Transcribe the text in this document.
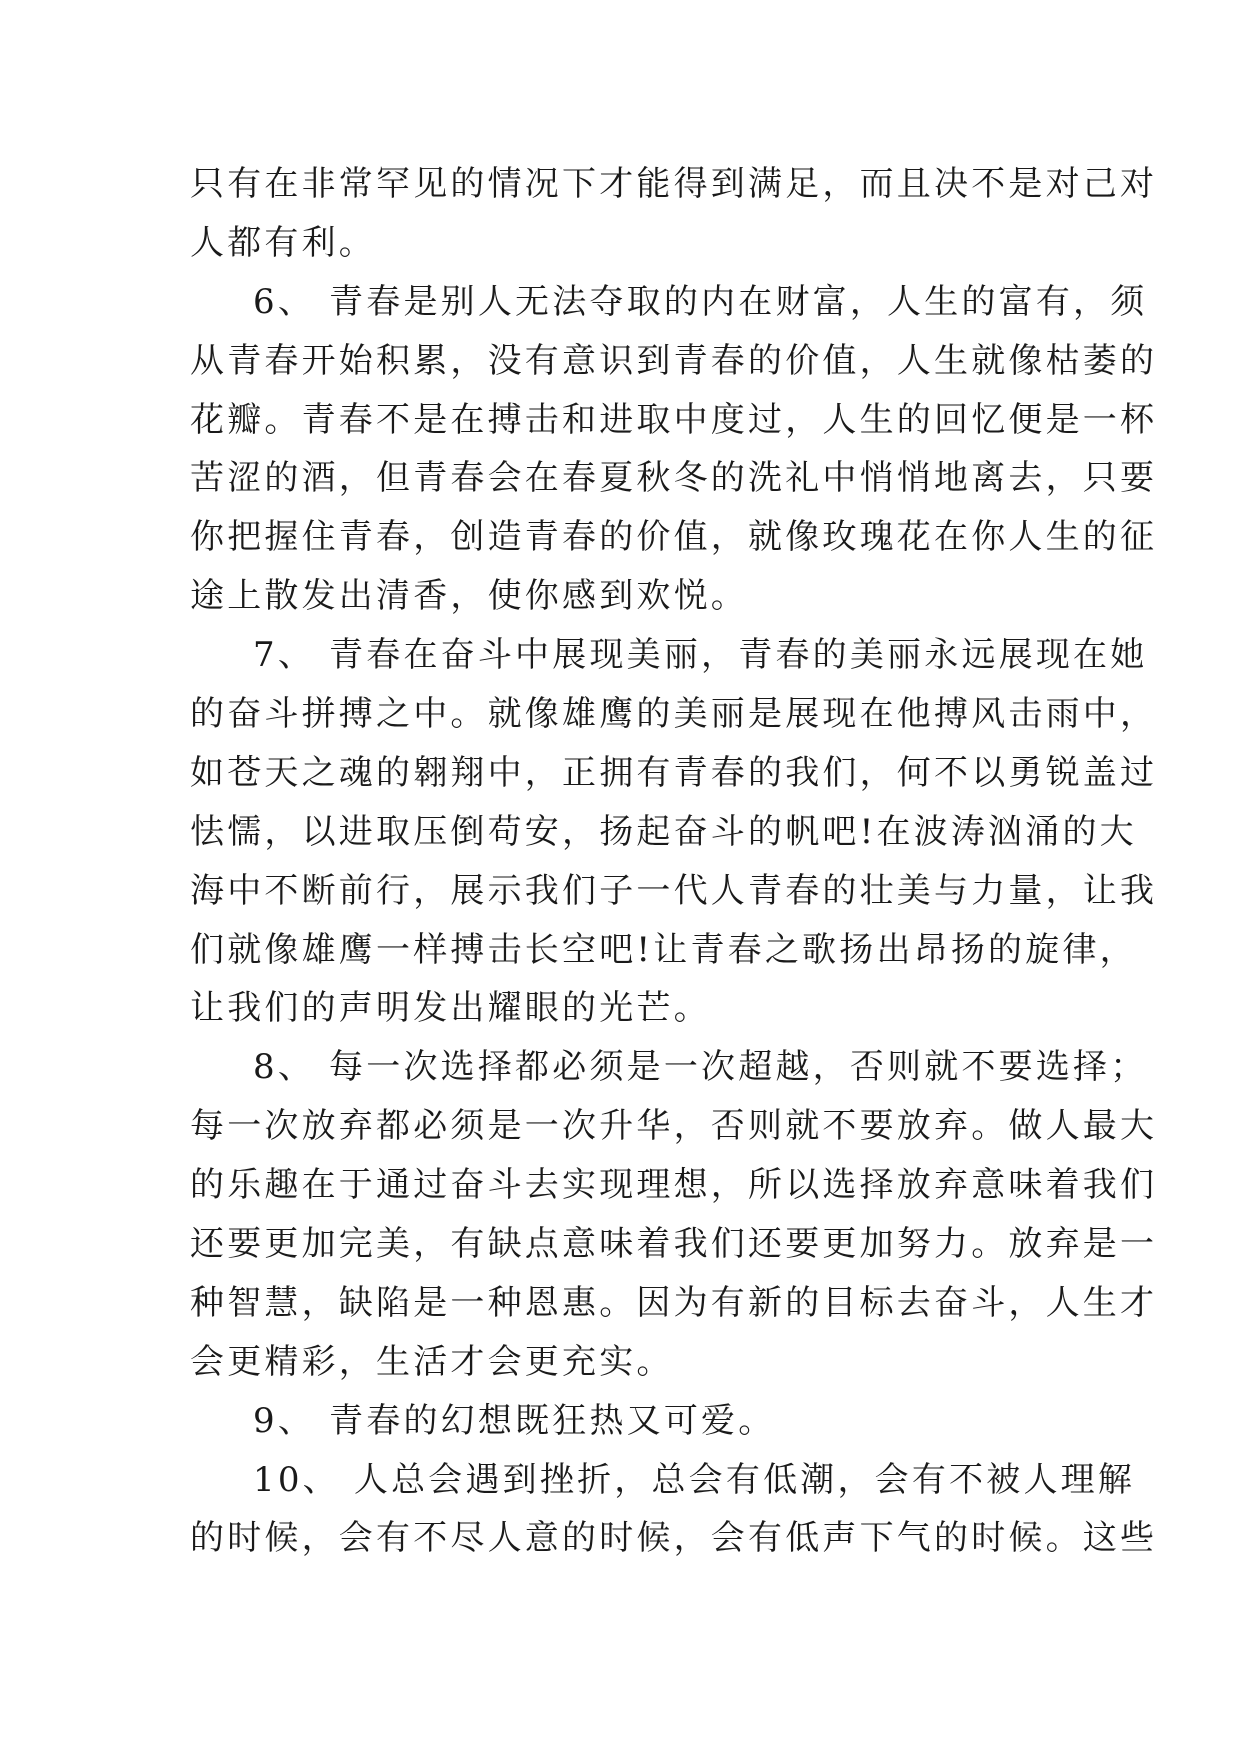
只有在非常罕见的情况下才能得到满足，而且决不是对己对
人都有利。
6、 青春是别人无法夺取的内在财富，人生的富有，须
从青春开始积累，没有意识到青春的价值，人生就像枯萎的
花瓣。青春不是在搏击和进取中度过，人生的回忆便是一杯
苦涩的酒，但青春会在春夏秋冬的洗礼中悄悄地离去，只要
你把握住青春，创造青春的价值，就像玫瑰花在你人生的征
途上散发出清香，使你感到欢悦。
7、 青春在奋斗中展现美丽，青春的美丽永远展现在她
的奋斗拼搏之中。就像雄鹰的美丽是展现在他搏风击雨中，
如苍天之魂的翱翔中，正拥有青春的我们，何不以勇锐盖过
怯懦，以进取压倒苟安，扬起奋斗的帆吧!在波涛汹涌的大
海中不断前行，展示我们子一代人青春的壮美与力量，让我
们就像雄鹰一样搏击长空吧!让青春之歌扬出昂扬的旋律，
让我们的声明发出耀眼的光芒。
8、 每一次选择都必须是一次超越，否则就不要选择；
每一次放弃都必须是一次升华，否则就不要放弃。做人最大
的乐趣在于通过奋斗去实现理想，所以选择放弃意味着我们
还要更加完美，有缺点意味着我们还要更加努力。放弃是一
种智慧，缺陷是一种恩惠。因为有新的目标去奋斗，人生才
会更精彩，生活才会更充实。
9、 青春的幻想既狂热又可爱。
10、 人总会遇到挫折，总会有低潮，会有不被人理解
的时候，会有不尽人意的时候，会有低声下气的时候。这些
